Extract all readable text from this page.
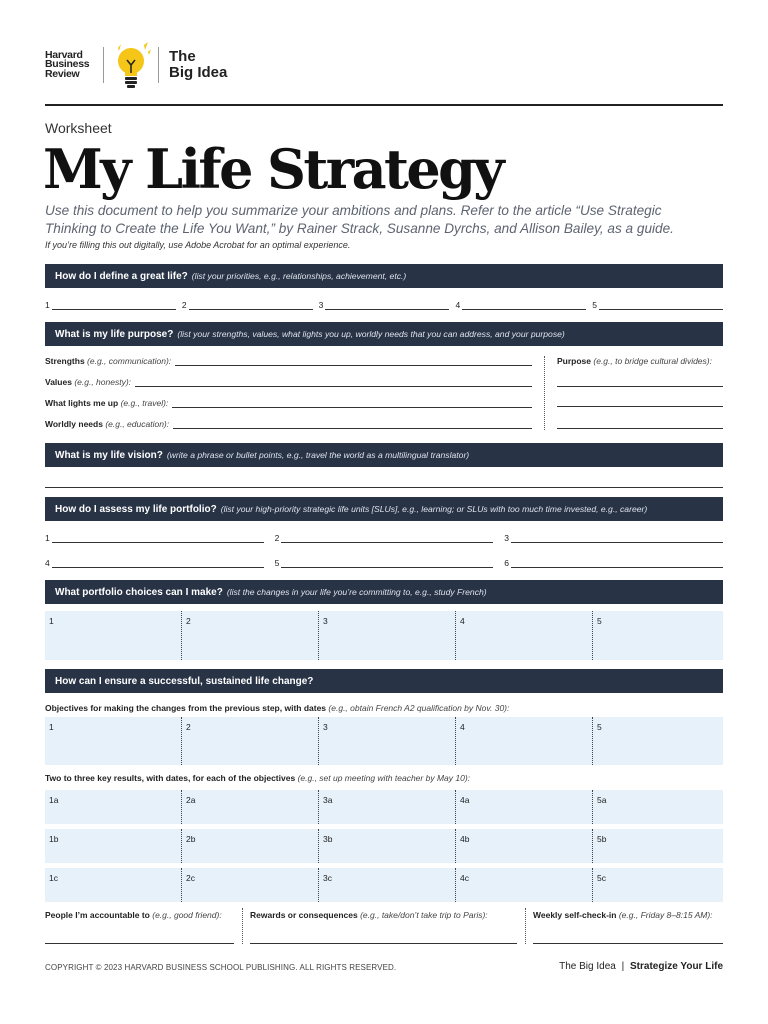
Harvard
Business
Review
The
Big Idea
Worksheet
My Life Strategy
Use this document to help you summarize your ambitions and plans. Refer to the article “Use Strategic Thinking to Create the Life You Want,” by Rainer Strack, Susanne Dyrchs, and Allison Bailey, as a guide.
If you’re filling this out digitally, use Adobe Acrobat for an optimal experience.
How do I define a great life? (list your priorities, e.g., relationships, achievement, etc.)
1	2	3	4	5
What is my life purpose? (list your strengths, values, what lights you up, worldly needs that you can address, and your purpose)
Strengths (e.g., communication):
Values (e.g., honesty):
What lights me up (e.g., travel):
Worldly needs (e.g., education):
Purpose (e.g., to bridge cultural divides):
What is my life vision? (write a phrase or bullet points, e.g., travel the world as a multilingual translator)
How do I assess my life portfolio? (list your high-priority strategic life units [SLUs], e.g., learning; or SLUs with too much time invested, e.g., career)
1	2	3
4	5	6
What portfolio choices can I make? (list the changes in your life you’re committing to, e.g., study French)
1	2	3	4	5
How can I ensure a successful, sustained life change?
Objectives for making the changes from the previous step, with dates (e.g., obtain French A2 qualification by Nov. 30):
1	2	3	4	5
Two to three key results, with dates, for each of the objectives (e.g., set up meeting with teacher by May 10):
1a	2a	3a	4a	5a
1b	2b	3b	4b	5b
1c	2c	3c	4c	5c
People I’m accountable to (e.g., good friend):	Rewards or consequences (e.g., take/don’t take trip to Paris):	Weekly self-check-in (e.g., Friday 8–8:15 AM):
COPYRIGHT © 2023 HARVARD BUSINESS SCHOOL PUBLISHING. ALL RIGHTS RESERVED.	The Big Idea | Strategize Your Life
